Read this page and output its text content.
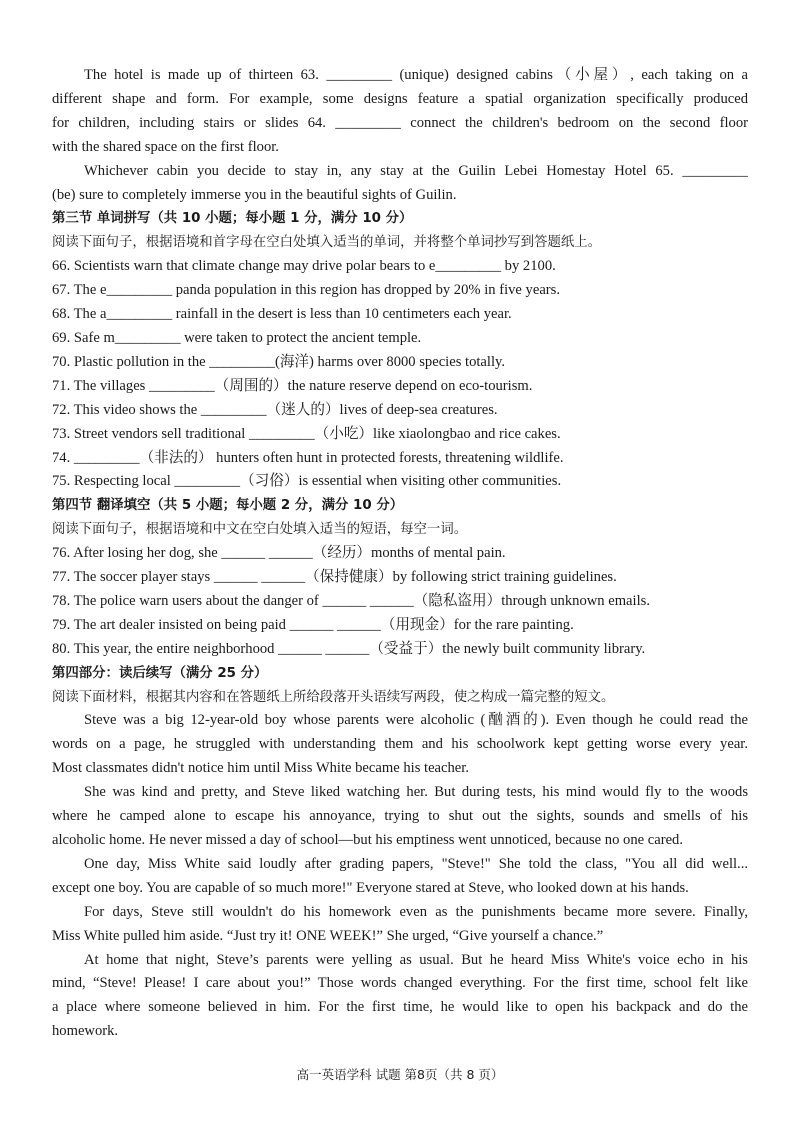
The hotel is made up of thirteen 63. _________ (unique) designed cabins（小屋）, each taking on a
different shape and form. For example, some designs feature a spatial organization specifically produced
for children, including stairs or slides 64. _________ connect the children's bedroom on the second floor
with the shared space on the first floor.
Whichever cabin you decide to stay in, any stay at the Guilin Lebei Homestay Hotel 65. _________
(be) sure to completely immerse you in the beautiful sights of Guilin.
第三节 单词拼写（共 10 小题；每小题 1 分，满分 10 分）
阅读下面句子，根据语境和首字母在空白处填入适当的单词，并将整个单词抄写到答题纸上。
66. Scientists warn that climate change may drive polar bears to e_________ by 2100.
67. The e_________ panda population in this region has dropped by 20% in five years.
68. The a_________ rainfall in the desert is less than 10 centimeters each year.
69. Safe m_________ were taken to protect the ancient temple.
70. Plastic pollution in the _________(海洋) harms over 8000 species totally.
71. The villages _________（周围的）the nature reserve depend on eco-tourism.
72. This video shows the _________（迷人的）lives of deep-sea creatures.
73. Street vendors sell traditional _________（小吃）like xiaolongbao and rice cakes.
74. _________（非法的） hunters often hunt in protected forests, threatening wildlife.
75. Respecting local _________（习俗）is essential when visiting other communities.
第四节 翻译填空（共 5 小题；每小题 2 分，满分 10 分）
阅读下面句子，根据语境和中文在空白处填入适当的短语，每空一词。
76. After losing her dog, she ______ ______（经历）months of mental pain.
77. The soccer player stays ______ ______（保持健康）by following strict training guidelines.
78. The police warn users about the danger of ______ ______（隐私盗用）through unknown emails.
79. The art dealer insisted on being paid ______ ______（用现金）for the rare painting.
80. This year, the entire neighborhood ______ ______（受益于）the newly built community library.
第四部分：读后续写（满分 25 分）
阅读下面材料，根据其内容和在答题纸上所给段落开头语续写两段，使之构成一篇完整的短文。
Steve was a big 12-year-old boy whose parents were alcoholic (酗酒的). Even though he could read the
words on a page, he struggled with understanding them and his schoolwork kept getting worse every year.
Most classmates didn't notice him until Miss White became his teacher.
She was kind and pretty, and Steve liked watching her. But during tests, his mind would fly to the woods
where he camped alone to escape his annoyance, trying to shut out the sights, sounds and smells of his
alcoholic home. He never missed a day of school—but his emptiness went unnoticed, because no one cared.
One day, Miss White said loudly after grading papers, "Steve!" She told the class, "You all did well...
except one boy. You are capable of so much more!" Everyone stared at Steve, who looked down at his hands.
For days, Steve still wouldn't do his homework even as the punishments became more severe. Finally,
Miss White pulled him aside. “Just try it! ONE WEEK!” She urged, “Give yourself a chance.”
At home that night, Steve’s parents were yelling as usual. But he heard Miss White's voice echo in his
mind, “Steve! Please! I care about you!” Those words changed everything. For the first time, school felt like
a place where someone believed in him. For the first time, he would like to open his backpack and do the
homework.
高一英语学科 试题 第8页（共 8 页）
